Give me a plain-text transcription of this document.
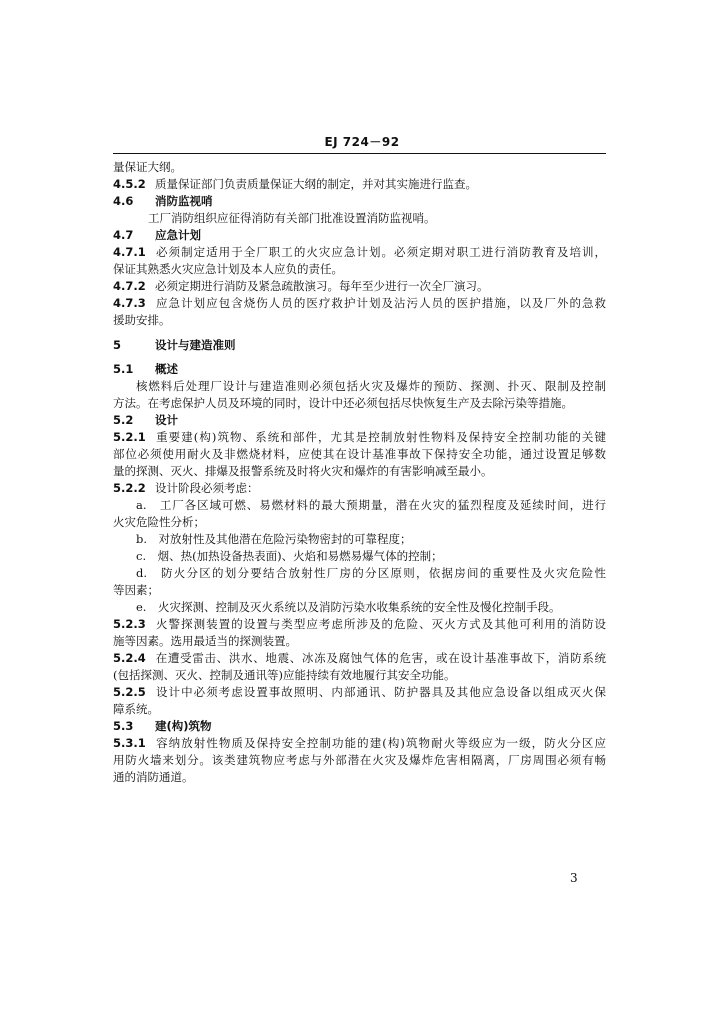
EJ 724－92
量保证大纲。
4.5.2 质量保证部门负责质量保证大纲的制定，并对其实施进行监查。
4.6 消防监视哨
工厂消防组织应征得消防有关部门批准设置消防监视哨。
4.7 应急计划
4.7.1 必须制定适用于全厂职工的火灾应急计划。必须定期对职工进行消防教育及培训，
保证其熟悉火灾应急计划及本人应负的责任。
4.7.2 必须定期进行消防及紧急疏散演习。每年至少进行一次全厂演习。
4.7.3 应急计划应包含烧伤人员的医疗救护计划及沾污人员的医护措施，以及厂外的急救
援助安排。
5	设计与建造准则
5.1 概述
核燃料后处理厂设计与建造准则必须包括火灾及爆炸的预防、探测、扑灭、限制及控制
方法。在考虑保护人员及环境的同时，设计中还必须包括尽快恢复生产及去除污染等措施。
5.2 设计
5.2.1 重要建(构)筑物、系统和部件，尤其是控制放射性物料及保持安全控制功能的关键
部位必须使用耐火及非燃烧材料，应使其在设计基准事故下保持安全功能，通过设置足够数
量的探测、灭火、排爆及报警系统及时将火灾和爆炸的有害影响减至最小。
5.2.2 设计阶段必须考虑：
a.　工厂各区域可燃、易燃材料的最大预期量，潜在火灾的猛烈程度及延续时间，进行
火灾危险性分析；
b.　对放射性及其他潜在危险污染物密封的可靠程度；
c.　烟、热(加热设备热表面)、火焰和易燃易爆气体的控制；
d.　防火分区的划分要结合放射性厂房的分区原则，依据房间的重要性及火灾危险性
等因素；
e.　火灾探测、控制及灭火系统以及消防污染水收集系统的安全性及慢化控制手段。
5.2.3 火警探测装置的设置与类型应考虑所涉及的危险、灭火方式及其他可利用的消防设
施等因素。选用最适当的探测装置。
5.2.4 在遭受雷击、洪水、地震、冰冻及腐蚀气体的危害，或在设计基准事故下，消防系统
(包括探测、灭火、控制及通讯等)应能持续有效地履行其安全功能。
5.2.5 设计中必须考虑设置事故照明、内部通讯、防护器具及其他应急设备以组成灭火保
障系统。
5.3 建(构)筑物
5.3.1 容纳放射性物质及保持安全控制功能的建(构)筑物耐火等级应为一级，防火分区应
用防火墙来划分。该类建筑物应考虑与外部潜在火灾及爆炸危害相隔离，厂房周围必须有畅
通的消防通道。
3
